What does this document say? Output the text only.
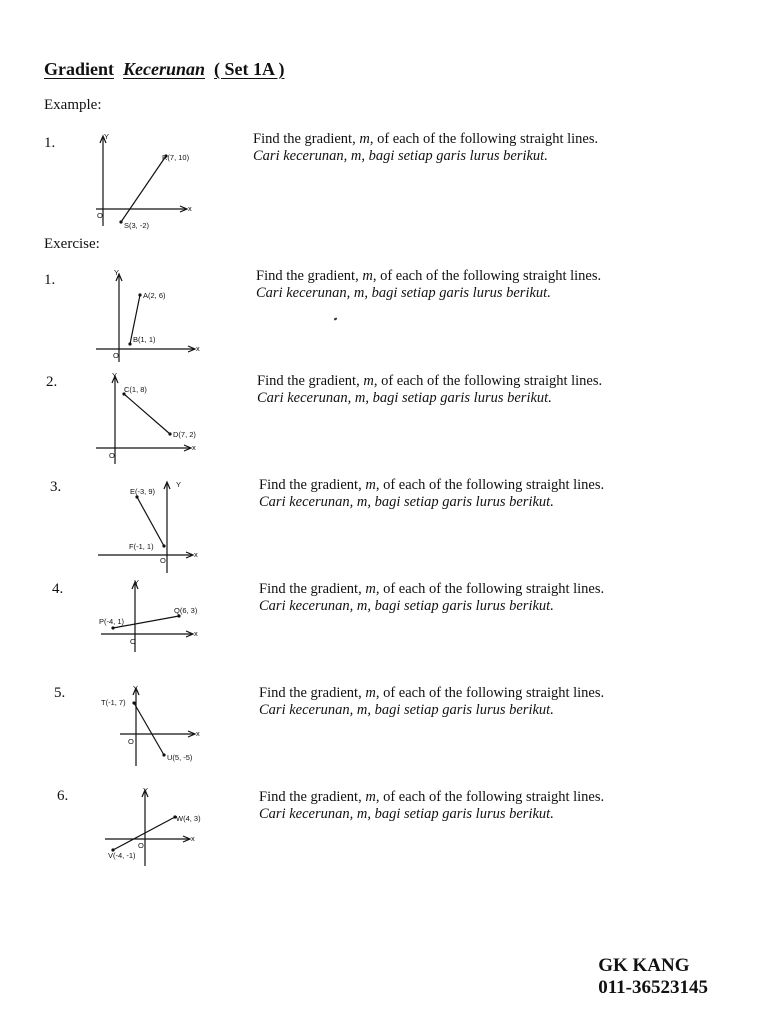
Gradient Kecerunan ( Set 1A )

Example:

1.	Y
x
O
R(7, 10)
S(3, -2)
Find the gradient, m, of each of the following straight lines.
Cari kecerunan, m, bagi setiap garis lurus berikut.

Exercise:

1.	Y
x
O
A(2, 6)
B(1, 1)
Find the gradient, m, of each of the following straight lines.
Cari kecerunan, m, bagi setiap garis lurus berikut.
2.	Y
x
O
C(1, 8)
D(7, 2)
Find the gradient, m, of each of the following straight lines.
Cari kecerunan, m, bagi setiap garis lurus berikut.
3.	Y
x
O
E(-3, 9)
F(-1, 1)
Find the gradient, m, of each of the following straight lines.
Cari kecerunan, m, bagi setiap garis lurus berikut.
4.	Y
x
O
P(-4, 1)
Q(6, 3)
Find the gradient, m, of each of the following straight lines.
Cari kecerunan, m, bagi setiap garis lurus berikut.
5.	Y
x
O
T(-1, 7)
U(5, -5)
Find the gradient, m, of each of the following straight lines.
Cari kecerunan, m, bagi setiap garis lurus berikut.
6.	Y
x
O
W(4, 3)
V(-4, -1)
Find the gradient, m, of each of the following straight lines.
Cari kecerunan, m, bagi setiap garis lurus berikut.
GK KANG
011-36523145
